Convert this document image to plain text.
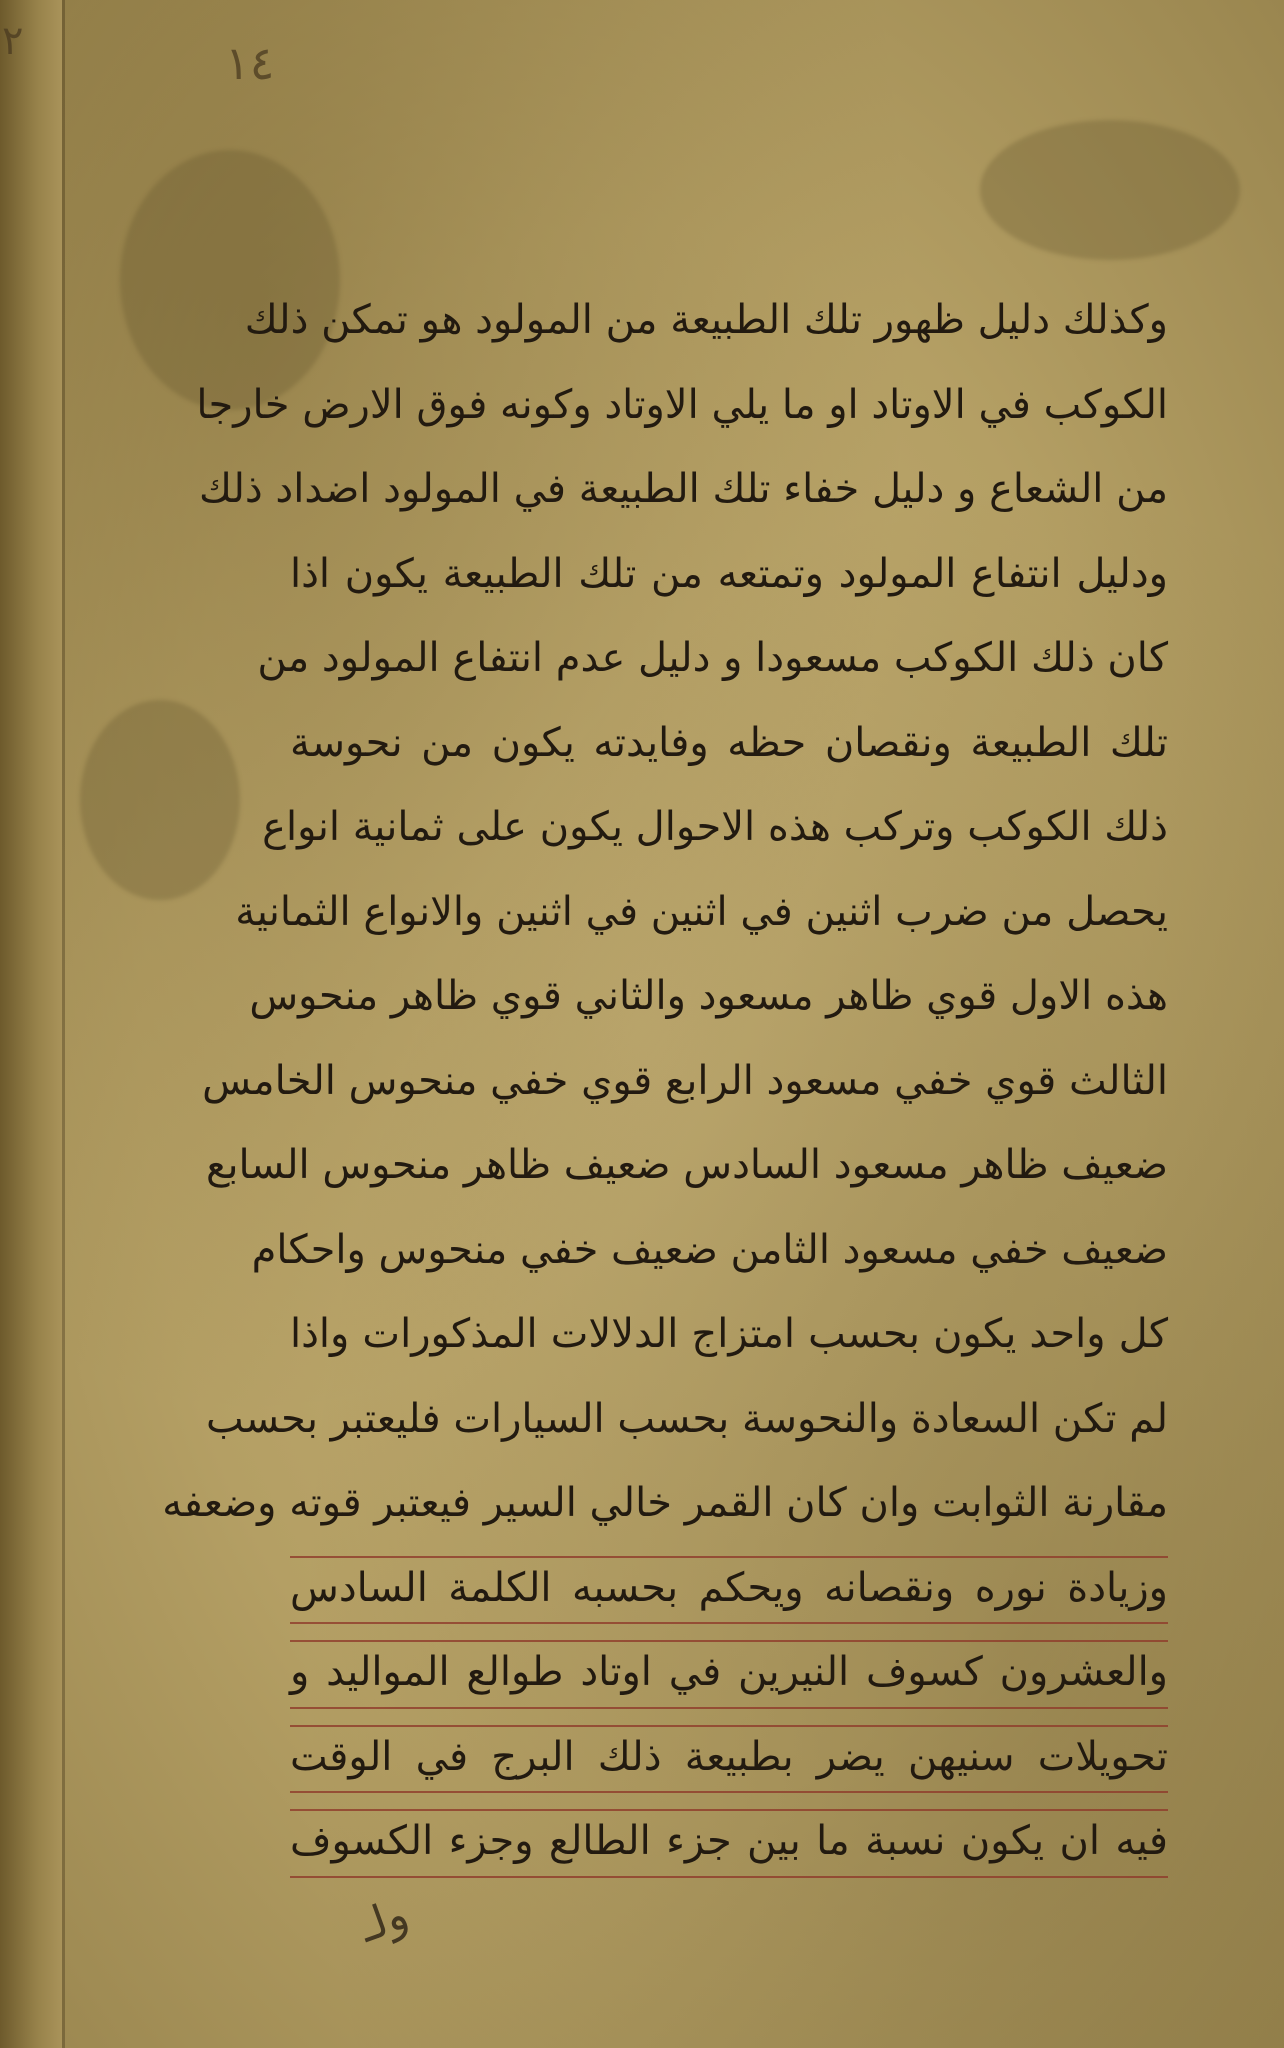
٢	١٤
وكذلك دليل ظهور تلك الطبيعة من المولود هو تمكن ذلك
الكوكب في الاوتاد او ما يلي الاوتاد وكونه فوق الارض خارجا
من الشعاع و دليل خفاء تلك الطبيعة في المولود اضداد ذلك
ودليل انتفاع المولود وتمتعه من تلك الطبيعة يكون اذا
كان ذلك الكوكب مسعودا و دليل عدم انتفاع المولود من
تلك الطبيعة ونقصان حظه وفايدته يكون من نحوسة
ذلك الكوكب وتركب هذه الاحوال يكون على ثمانية انواع
يحصل من ضرب اثنين في اثنين في اثنين والانواع الثمانية
هذه الاول قوي ظاهر مسعود والثاني قوي ظاهر منحوس
الثالث قوي خفي مسعود الرابع قوي خفي منحوس الخامس
ضعيف ظاهر مسعود السادس ضعيف ظاهر منحوس السابع
ضعيف خفي مسعود الثامن ضعيف خفي منحوس واحكام
كل واحد يكون بحسب امتزاج الدلالات المذكورات واذا
لم تكن السعادة والنحوسة بحسب السيارات فليعتبر بحسب
مقارنة الثوابت وان كان القمر خالي السير فيعتبر قوته وضعفه
وزيادة نوره ونقصانه ويحكم بحسبه الكلمة السادس
والعشرون كسوف النيرين في اوتاد طوالع المواليد و
تحويلات سنيهن يضر بطبيعة ذلك البرج في الوقت
فيه ان يكون نسبة ما بين جزء الطالع وجزء الكسوف
ولـ
